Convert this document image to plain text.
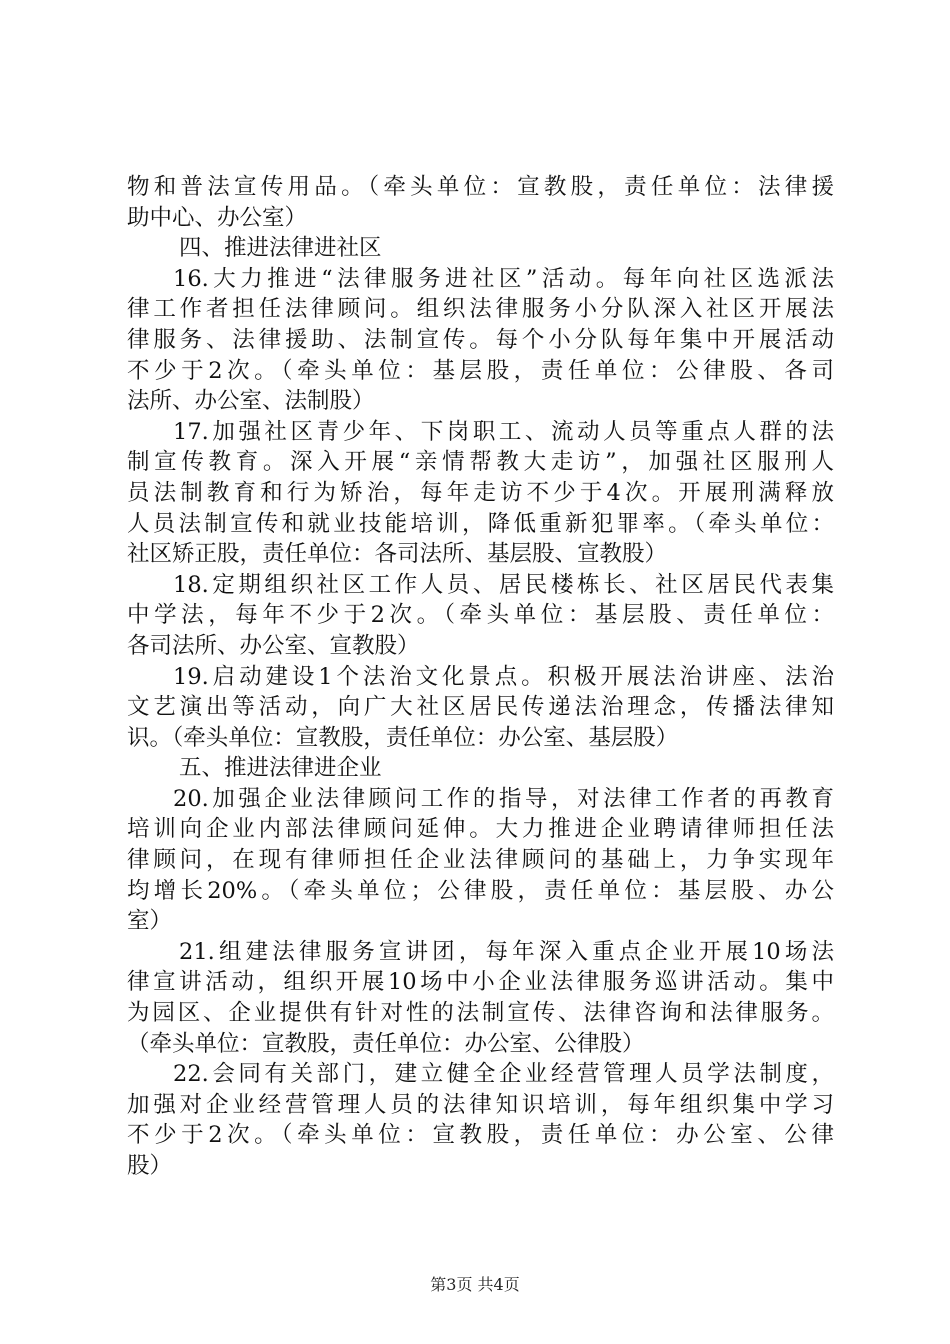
物和普法宣传用品。（牵头单位：宣教股，责任单位：法律援
助中心、办公室）
四、推进法律进社区
16.大力推进“法律服务进社区”活动。每年向社区选派法
律工作者担任法律顾问。组织法律服务小分队深入社区开展法
律服务、法律援助、法制宣传。每个小分队每年集中开展活动
不少于2次。（牵头单位：基层股，责任单位：公律股、各司
法所、办公室、法制股）
17.加强社区青少年、下岗职工、流动人员等重点人群的法
制宣传教育。深入开展“亲情帮教大走访”，加强社区服刑人
员法制教育和行为矫治，每年走访不少于4次。开展刑满释放
人员法制宣传和就业技能培训，降低重新犯罪率。（牵头单位：
社区矫正股，责任单位：各司法所、基层股、宣教股）
18.定期组织社区工作人员、居民楼栋长、社区居民代表集
中学法，每年不少于2次。（牵头单位：基层股、责任单位：
各司法所、办公室、宣教股）
19.启动建设1个法治文化景点。积极开展法治讲座、法治
文艺演出等活动，向广大社区居民传递法治理念，传播法律知
识。（牵头单位：宣教股，责任单位：办公室、基层股）
五、推进法律进企业
20.加强企业法律顾问工作的指导，对法律工作者的再教育
培训向企业内部法律顾问延伸。大力推进企业聘请律师担任法
律顾问，在现有律师担任企业法律顾问的基础上，力争实现年
均增长20%。（牵头单位；公律股，责任单位：基层股、办公
室）
21.组建法律服务宣讲团，每年深入重点企业开展10场法
律宣讲活动，组织开展10场中小企业法律服务巡讲活动。集中
为园区、企业提供有针对性的法制宣传、法律咨询和法律服务。
（牵头单位：宣教股，责任单位：办公室、公律股）
22.会同有关部门，建立健全企业经营管理人员学法制度，
加强对企业经营管理人员的法律知识培训，每年组织集中学习
不少于2次。（牵头单位：宣教股，责任单位：办公室、公律
股）
第3页 共4页
